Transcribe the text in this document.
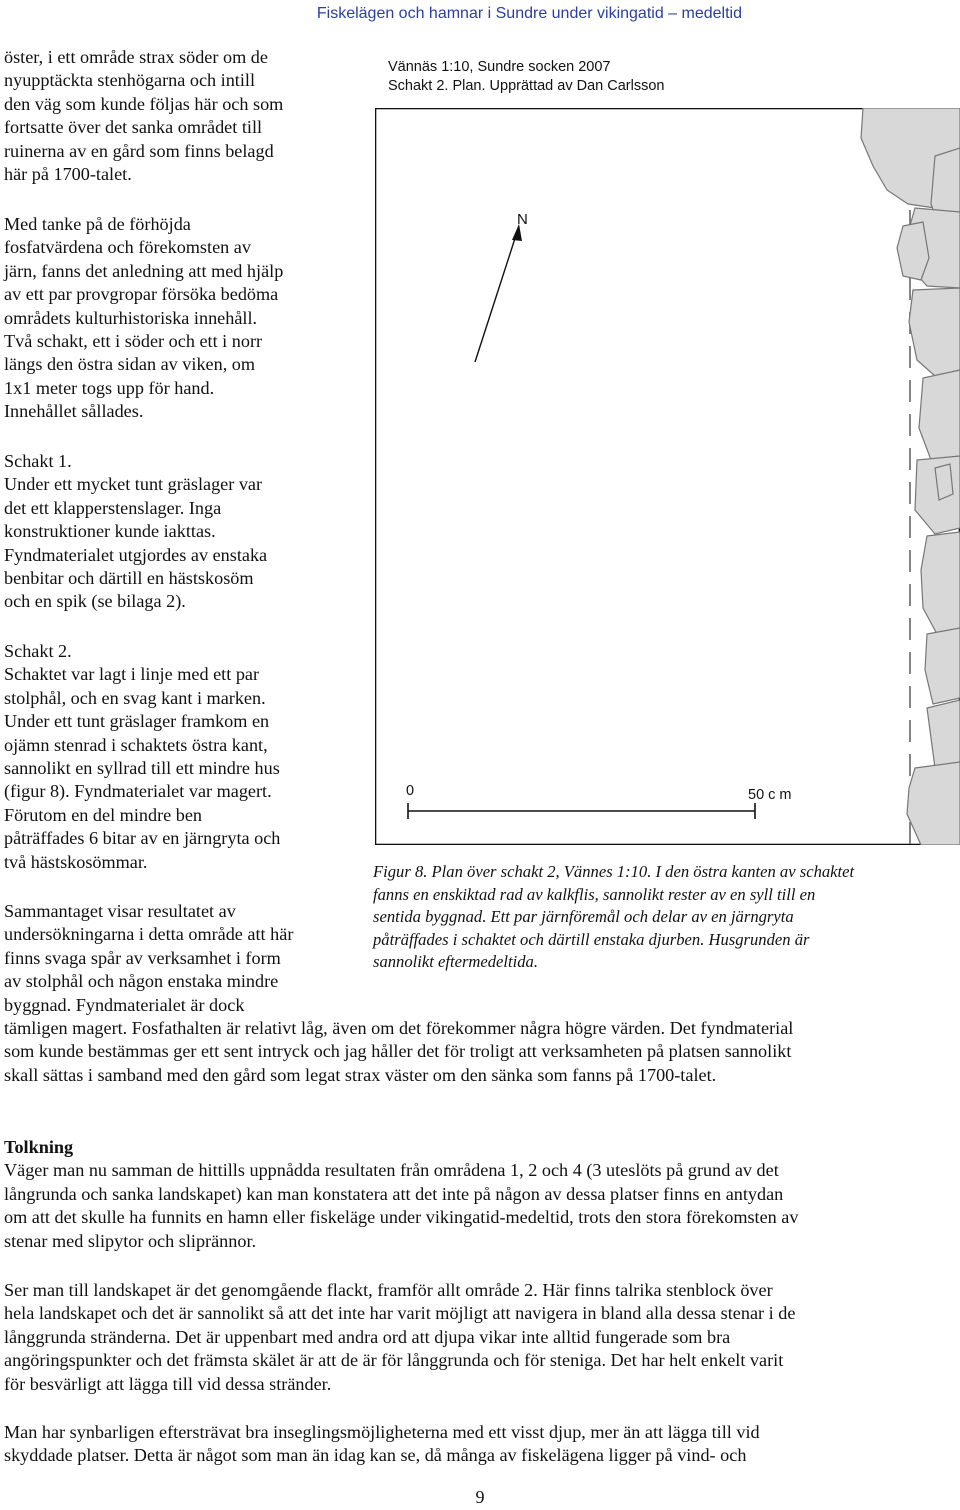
Fiskelägen och hamnar i Sundre under vikingatid – medeltid
öster, i ett område strax söder om de
nyupptäckta stenhögarna och intill
den väg som kunde följas här och som
fortsatte över det sanka området till
ruinerna av en gård som finns belagd
här på 1700-talet.
Med tanke på de förhöjda
fosfatvärdena och förekomsten av
järn, fanns det anledning att med hjälp
av ett par provgropar försöka bedöma
områdets kulturhistoriska innehåll.
Två schakt, ett i söder och ett i norr
längs den östra sidan av viken, om
1x1 meter togs upp för hand.
Innehållet sållades.
Schakt 1.
Under ett mycket tunt gräslager var
det ett klapperstenslager. Inga
konstruktioner kunde iakttas.
Fyndmaterialet utgjordes av enstaka
benbitar och därtill en hästskosöm
och en spik (se bilaga 2).
Schakt 2.
Schaktet var lagt i linje med ett par
stolphål, och en svag kant i marken.
Under ett tunt gräslager framkom en
ojämn stenrad i schaktets östra kant,
sannolikt en syllrad till ett mindre hus
(figur 8). Fyndmaterialet var magert.
Förutom en del mindre ben
påträffades 6 bitar av en järngryta och
två hästskosömmar.
Sammantaget visar resultatet av
undersökningarna i detta område att här
finns svaga spår av verksamhet i form
av stolphål och någon enstaka mindre
byggnad. Fyndmaterialet är dock
tämligen magert. Fosfathalten är relativt låg, även om det förekommer några högre värden. Det fyndmaterial
som kunde bestämmas ger ett sent intryck och jag håller det för troligt att verksamheten på platsen sannolikt
skall sättas i samband med den gård som legat strax väster om den sänka som fanns på 1700-talet.
Vännäs 1:10, Sundre socken 2007
Schakt 2. Plan. Upprättad av Dan Carlsson
N
0	50 c m
Figur 8. Plan över schakt 2, Vännes 1:10. I den östra kanten av schaktet
fanns en enskiktad rad av kalkflis, sannolikt rester av en syll till en
sentida byggnad. Ett par järnföremål och delar av en järngryta
påträffades i schaktet och därtill enstaka djurben. Husgrunden är
sannolikt eftermedeltida.
Tolkning
Väger man nu samman de hittills uppnådda resultaten från områdena 1, 2 och 4 (3 uteslöts på grund av det
långrunda och sanka landskapet) kan man konstatera att det inte på någon av dessa platser finns en antydan
om att det skulle ha funnits en hamn eller fiskeläge under vikingatid-medeltid, trots den stora förekomsten av
stenar med slipytor och sliprännor.
Ser man till landskapet är det genomgående flackt, framför allt område 2. Här finns talrika stenblock över
hela landskapet och det är sannolikt så att det inte har varit möjligt att navigera in bland alla dessa stenar i de
långgrunda stränderna. Det är uppenbart med andra ord att djupa vikar inte alltid fungerade som bra
angöringspunkter och det främsta skälet är att de är för långgrunda och för steniga. Det har helt enkelt varit
för besvärligt att lägga till vid dessa stränder.
Man har synbarligen eftersträvat bra inseglingsmöjligheterna med ett visst djup, mer än att lägga till vid
skyddade platser. Detta är något som man än idag kan se, då många av fiskelägena ligger på vind- och
9
